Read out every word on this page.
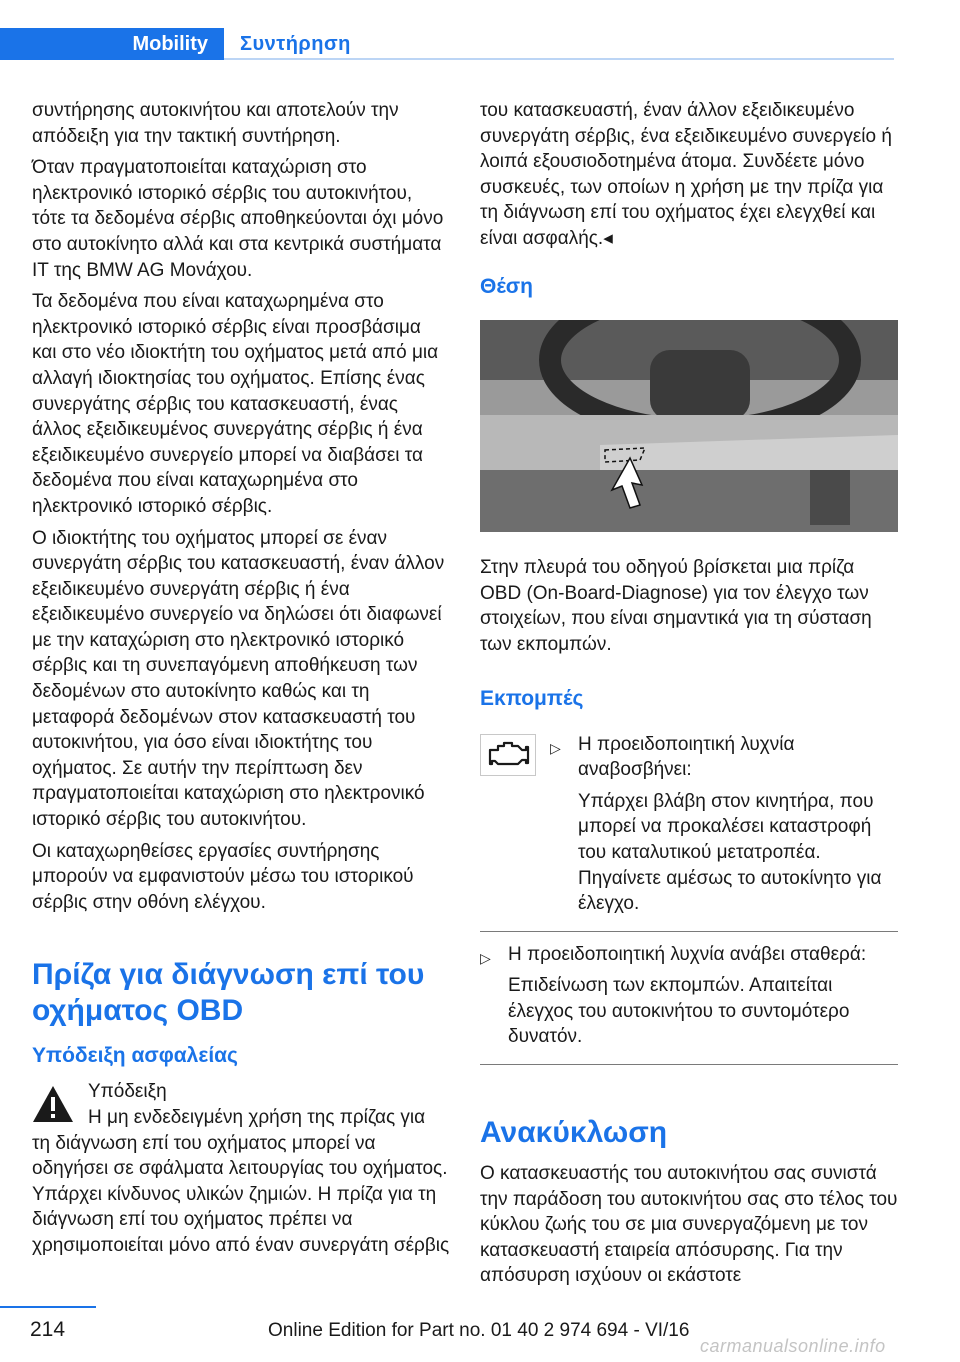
Mobility	Συντήρηση

συντήρησης αυτοκινήτου και αποτελούν την απόδειξη για την τακτική συντήρηση.

Όταν πραγματοποιείται καταχώριση στο ηλεκτρονικό ιστορικό σέρβις του αυτοκινήτου, τότε τα δεδομένα σέρβις αποθηκεύονται όχι μόνο στο αυτοκίνητο αλλά και στα κεντρικά συστήματα IT της BMW AG Μονάχου.

Τα δεδομένα που είναι καταχωρημένα στο ηλεκτρονικό ιστορικό σέρβις είναι προσβάσιμα και στο νέο ιδιοκτήτη του οχήματος μετά από μια αλλαγή ιδιοκτησίας του οχήματος. Επίσης ένας συνεργάτης σέρβις του κατασκευαστή, ένας άλλος εξειδικευμένος συνεργάτης σέρβις ή ένα εξειδικευμένο συνεργείο μπορεί να διαβάσει τα δεδομένα που είναι καταχωρημένα στο ηλεκτρονικό ιστορικό σέρβις.

Ο ιδιοκτήτης του οχήματος μπορεί σε έναν συνεργάτη σέρβις του κατασκευαστή, έναν άλλον εξειδικευμένο συνεργάτη σέρβις ή ένα εξειδικευμένο συνεργείο να δηλώσει ότι διαφωνεί με την καταχώριση στο ηλεκτρονικό ιστορικό σέρβις και τη συνεπαγόμενη αποθήκευση των δεδομένων στο αυτοκίνητο καθώς και τη μεταφορά δεδομένων στον κατασκευαστή του αυτοκινήτου, για όσο είναι ιδιοκτήτης του οχήματος. Σε αυτήν την περίπτωση δεν πραγματοποιείται καταχώριση στο ηλεκτρονικό ιστορικό σέρβις του αυτοκινήτου.

Οι καταχωρηθείσες εργασίες συντήρησης μπορούν να εμφανιστούν μέσω του ιστορικού σέρβις στην οθόνη ελέγχου.

Πρίζα για διάγνωση επί του οχήματος OBD
Υπόδειξη ασφαλείας
Υπόδειξη
Η μη ενδεδειγμένη χρήση της πρίζας για
τη διάγνωση επί του οχήματος μπορεί να οδηγήσει σε σφάλματα λειτουργίας του οχήματος. Υπάρχει κίνδυνος υλικών ζημιών. Η πρίζα για τη διάγνωση επί του οχήματος πρέπει να χρησιμοποιείται μόνο από έναν συνεργάτη σέρβις

του κατασκευαστή, έναν άλλον εξειδικευμένο συνεργάτη σέρβις, ένα εξειδικευμένο συνεργείο ή λοιπά εξουσιοδοτημένα άτομα. Συνδέετε μόνο συσκευές, των οποίων η χρήση με την πρίζα για τη διάγνωση επί του οχήματος έχει ελεγχθεί και είναι ασφαλής.◂

Θέση

Στην πλευρά του οδηγού βρίσκεται μια πρίζα OBD (On-Board-Diagnose) για τον έλεγχο των στοιχείων, που είναι σημαντικά για τη σύσταση των εκπομπών.

Εκπομπές
▷ Η προειδοποιητική λυχνία αναβοσβήνει:

Υπάρχει βλάβη στον κινητήρα, που μπορεί να προκαλέσει καταστροφή του καταλυτικού μετατροπέα. Πηγαίνετε αμέσως το αυτοκίνητο για έλεγχο.

▷ Η προειδοποιητική λυχνία ανάβει σταθερά:

Επιδείνωση των εκπομπών. Απαιτείται έλεγχος του αυτοκινήτου το συντομότερο δυνατόν.

Ανακύκλωση

Ο κατασκευαστής του αυτοκινήτου σας συνιστά την παράδοση του αυτοκινήτου σας στο τέλος του κύκλου ζωής του σε μια συνεργαζόμενη με τον κατασκευαστή εταιρεία απόσυρσης. Για την απόσυρση ισχύουν οι εκάστοτε

214	Online Edition for Part no. 01 40 2 974 694 - VI/16
carmanualsonline.info
